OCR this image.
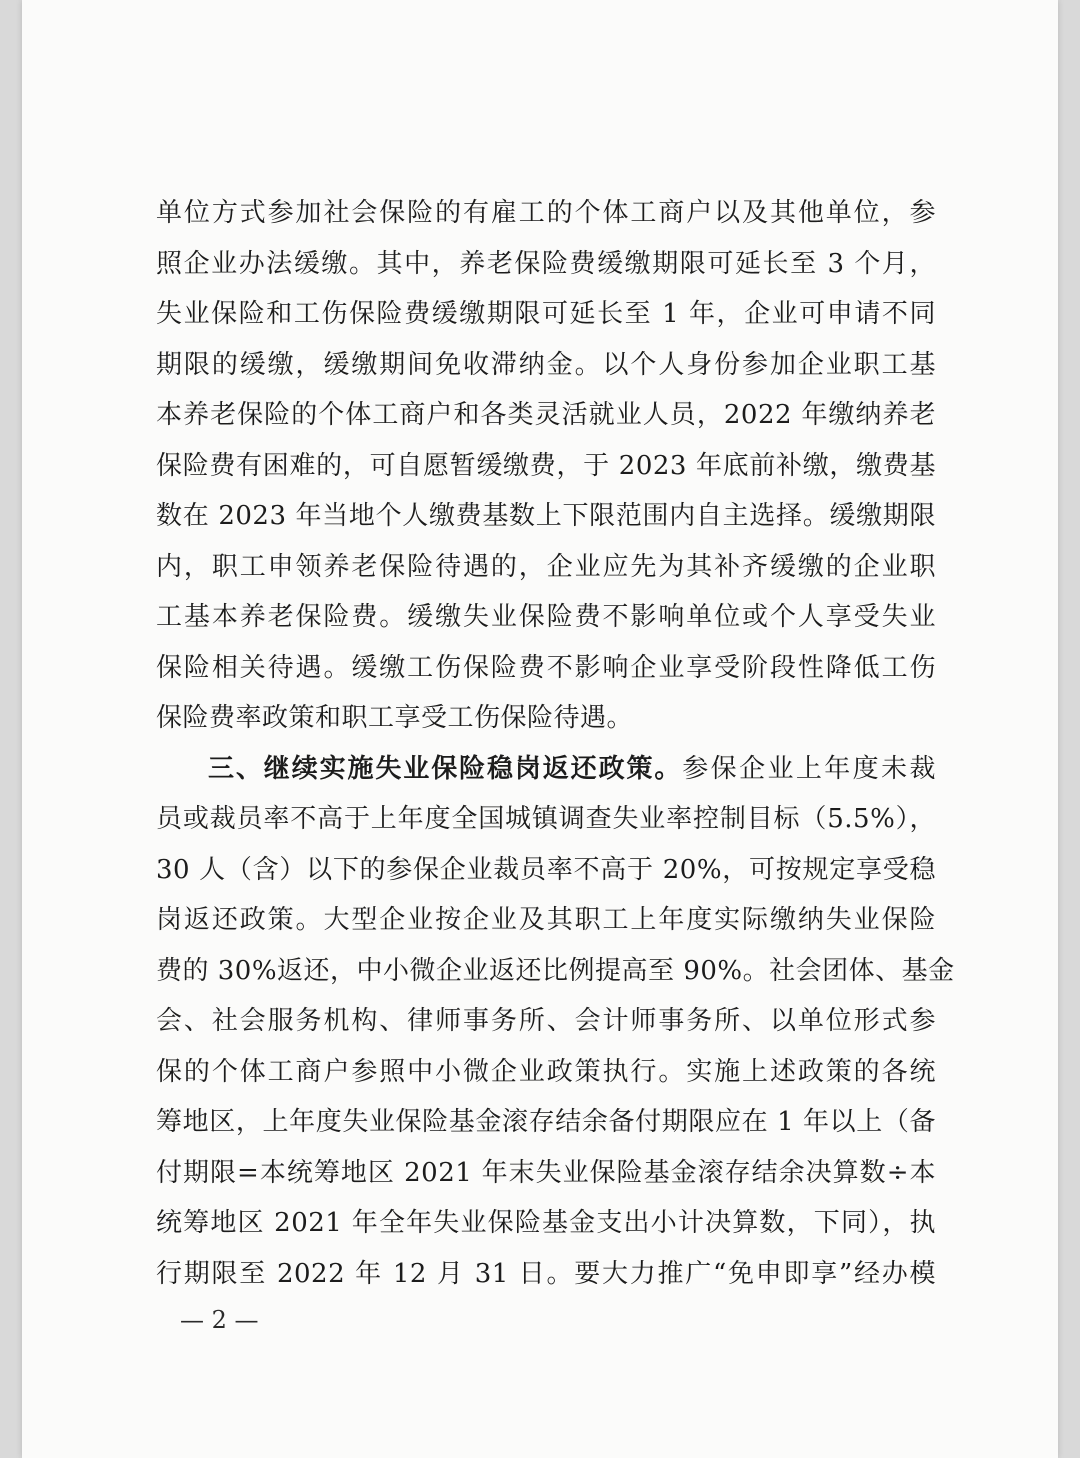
单位方式参加社会保险的有雇工的个体工商户以及其他单位，参
照企业办法缓缴。其中，养老保险费缓缴期限可延长至 3 个月，
失业保险和工伤保险费缓缴期限可延长至 1 年，企业可申请不同
期限的缓缴，缓缴期间免收滞纳金。以个人身份参加企业职工基
本养老保险的个体工商户和各类灵活就业人员，2022 年缴纳养老
保险费有困难的，可自愿暂缓缴费，于 2023 年底前补缴，缴费基
数在 2023 年当地个人缴费基数上下限范围内自主选择。缓缴期限
内，职工申领养老保险待遇的，企业应先为其补齐缓缴的企业职
工基本养老保险费。缓缴失业保险费不影响单位或个人享受失业
保险相关待遇。缓缴工伤保险费不影响企业享受阶段性降低工伤
保险费率政策和职工享受工伤保险待遇。
三、继续实施失业保险稳岗返还政策。参保企业上年度未裁
员或裁员率不高于上年度全国城镇调查失业率控制目标（5.5%），
30 人（含）以下的参保企业裁员率不高于 20%，可按规定享受稳
岗返还政策。大型企业按企业及其职工上年度实际缴纳失业保险
费的 30%返还，中小微企业返还比例提高至 90%。社会团体、基金
会、社会服务机构、律师事务所、会计师事务所、以单位形式参
保的个体工商户参照中小微企业政策执行。实施上述政策的各统
筹地区，上年度失业保险基金滚存结余备付期限应在 1 年以上（备
付期限=本统筹地区 2021 年末失业保险基金滚存结余决算数÷本
统筹地区 2021 年全年失业保险基金支出小计决算数，下同），执
行期限至 2022 年 12 月 31 日。要大力推广“免申即享”经办模
— 2 —
